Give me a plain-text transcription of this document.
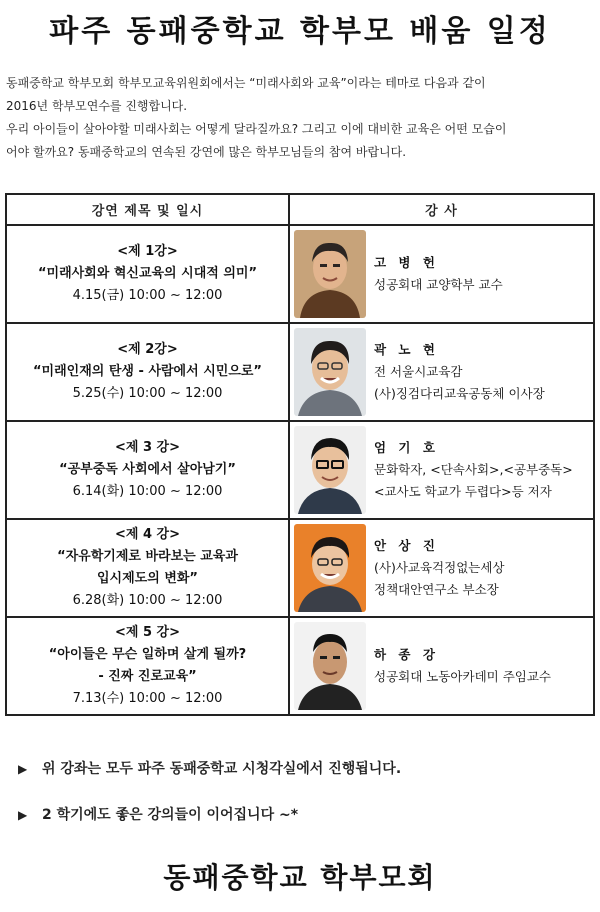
파주 동패중학교 학부모 배움 일정

동패중학교 학부모회 학부모교육위원회에서는 “미래사회와 교육”이라는 테마로 다음과 같이

2016년 학부모연수를 진행합니다.

우리 아이들이 살아야할 미래사회는 어떻게 달라질까요? 그리고 이에 대비한 교육은 어떤 모습이

어야 할까요? 동패중학교의 연속된 강연에 많은 학부모님들의 참여 바랍니다.

강연 제목 및 일시	강 사

<제 1강>
“미래사회와 혁신교육의 시대적 의미”
4.15(금) 10:00 ~ 12:00	고 병 헌
성공회대 교양학부 교수

<제 2강>
“미래인재의 탄생 - 사람에서 시민으로”
5.25(수) 10:00 ~ 12:00	곽 노 현
전 서울시교육감
(사)징검다리교육공동체 이사장

<제 3 강>
“공부중독 사회에서 살아남기”
6.14(화) 10:00 ~ 12:00	엄 기 호
문화학자, <단속사회>,<공부중독>
<교사도 학교가 두렵다>등 저자

<제 4 강>
“자유학기제로 바라보는 교육과
입시제도의 변화”
6.28(화) 10:00 ~ 12:00	안 상 진
(사)사교육걱정없는세상
정책대안연구소 부소장

<제 5 강>
“아이들은 무슨 일하며 살게 될까?
- 진짜 진로교육”
7.13(수) 10:00 ~ 12:00	하 종 강
성공회대 노동아카데미 주임교수
▶ 위 강좌는 모두 파주 동패중학교 시청각실에서 진행됩니다.
▶ 2 학기에도 좋은 강의들이 이어집니다 ~*
동패중학교 학부모회
